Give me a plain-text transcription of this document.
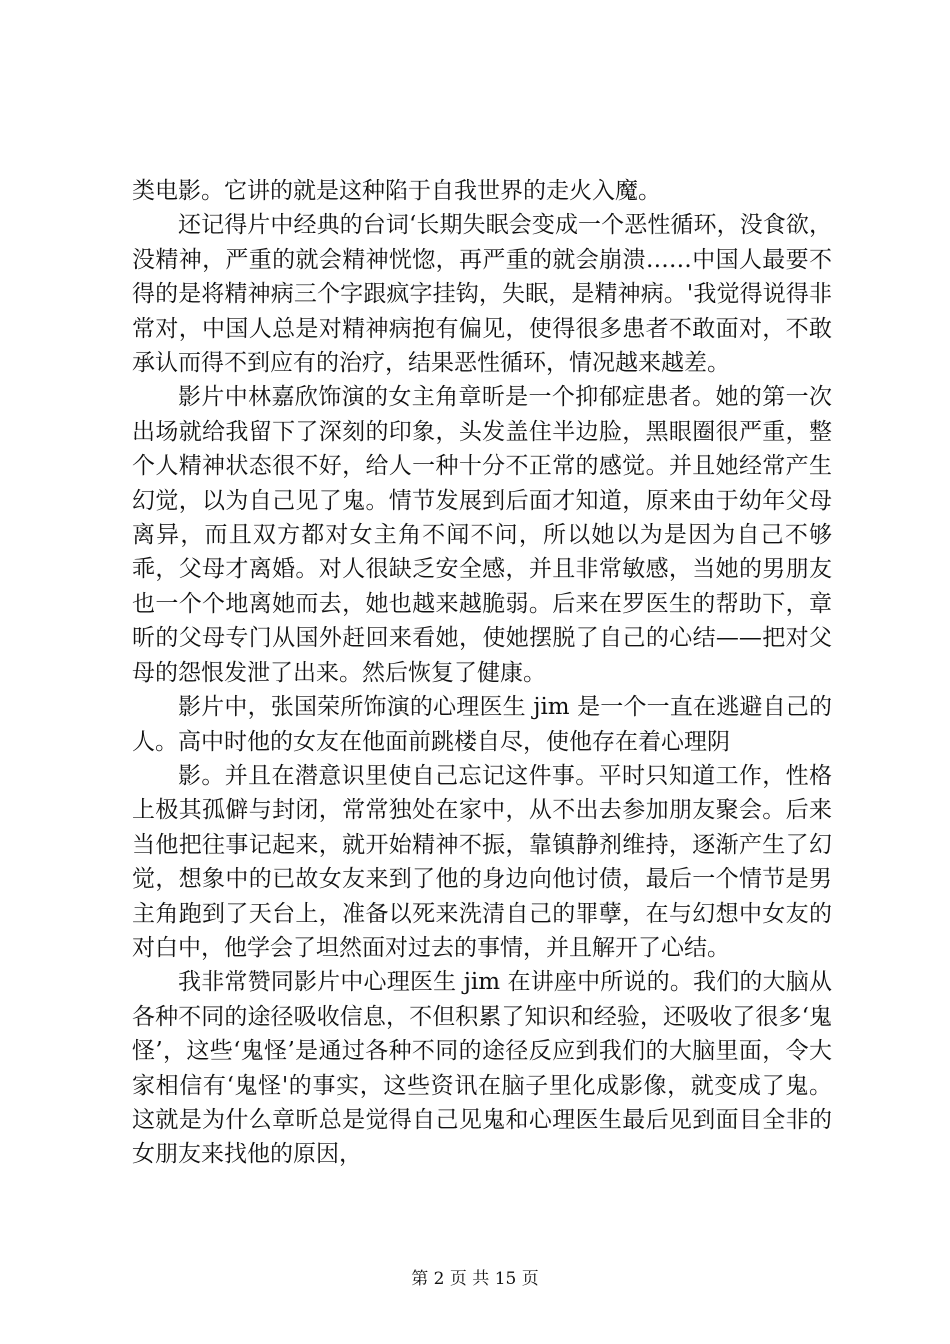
类电影。它讲的就是这种陷于自我世界的走火入魔。

还记得片中经典的台词‘长期失眠会变成一个恶性循环，没食欲，没精神，严重的就会精神恍惚，再严重的就会崩溃……中国人最要不得的是将精神病三个字跟疯字挂钩，失眠，是精神病。'我觉得说得非常对，中国人总是对精神病抱有偏见，使得很多患者不敢面对，不敢承认而得不到应有的治疗，结果恶性循环，情况越来越差。

影片中林嘉欣饰演的女主角章昕是一个抑郁症患者。她的第一次出场就给我留下了深刻的印象，头发盖住半边脸，黑眼圈很严重，整个人精神状态很不好，给人一种十分不正常的感觉。并且她经常产生幻觉，以为自己见了鬼。情节发展到后面才知道，原来由于幼年父母离异，而且双方都对女主角不闻不问，所以她以为是因为自己不够乖，父母才离婚。对人很缺乏安全感，并且非常敏感，当她的男朋友也一个个地离她而去，她也越来越脆弱。后来在罗医生的帮助下，章昕的父母专门从国外赶回来看她，使她摆脱了自己的心结——把对父母的怨恨发泄了出来。然后恢复了健康。

影片中，张国荣所饰演的心理医生 jim 是一个一直在逃避自己的人。高中时他的女友在他面前跳楼自尽，使他存在着心理阴

影。并且在潜意识里使自己忘记这件事。平时只知道工作，性格上极其孤僻与封闭，常常独处在家中，从不出去参加朋友聚会。后来当他把往事记起来，就开始精神不振，靠镇静剂维持，逐渐产生了幻觉，想象中的已故女友来到了他的身边向他讨债，最后一个情节是男主角跑到了天台上，准备以死来洗清自己的罪孽，在与幻想中女友的对白中，他学会了坦然面对过去的事情，并且解开了心结。

我非常赞同影片中心理医生 jim 在讲座中所说的。我们的大脑从各种不同的途径吸收信息，不但积累了知识和经验，还吸收了很多‘鬼怪’，这些‘鬼怪’是通过各种不同的途径反应到我们的大脑里面，令大家相信有‘鬼怪'的事实，这些资讯在脑子里化成影像，就变成了鬼。这就是为什么章昕总是觉得自己见鬼和心理医生最后见到面目全非的女朋友来找他的原因，

第 2 页 共 15 页
